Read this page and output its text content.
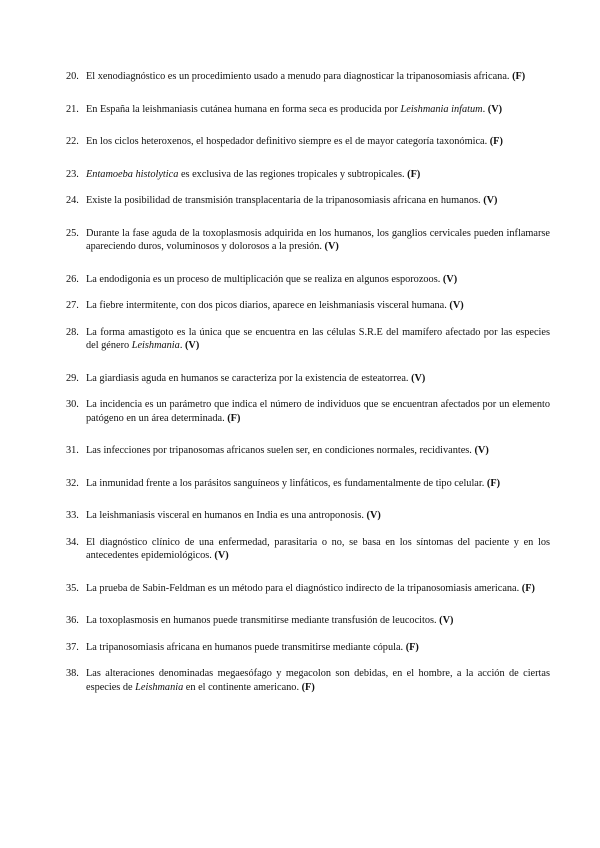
20. El xenodiagnóstico es un procedimiento usado a menudo para diagnosticar la tripanosomiasis africana. (F)
21. En España la leishmaniasis cutánea humana en forma seca es producida por Leishmania infatum. (V)
22. En los ciclos heteroxenos, el hospedador definitivo siempre es el de mayor categoría taxonómica. (F)
23. Entamoeba histolytica es exclusiva de las regiones tropicales y subtropicales. (F)
24. Existe la posibilidad de transmisión transplacentaria de la tripanosomiasis africana en humanos. (V)
25. Durante la fase aguda de la toxoplasmosis adquirida en los humanos, los ganglios cervicales pueden inflamarse apareciendo duros, voluminosos y dolorosos a la presión. (V)
26. La endodigonia es un proceso de multiplicación que se realiza en algunos esporozoos. (V)
27. La fiebre intermitente, con dos picos diarios, aparece en leishmaniasis visceral humana. (V)
28. La forma amastigoto es la única que se encuentra en las células S.R.E del mamífero afectado por las especies del género Leishmania. (V)
29. La giardiasis aguda en humanos se caracteriza por la existencia de esteatorrea. (V)
30. La incidencia es un parámetro que indica el número de individuos que se encuentran afectados por un elemento patógeno en un área determinada. (F)
31. Las infecciones por tripanosomas africanos suelen ser, en condiciones normales, recidivantes. (V)
32. La inmunidad frente a los parásitos sanguíneos y linfáticos, es fundamentalmente de tipo celular. (F)
33. La leishmaniasis visceral en humanos en India es una antroponosis. (V)
34. El diagnóstico clínico de una enfermedad, parasitaria o no, se basa en los síntomas del paciente y en los antecedentes epidemiológicos. (V)
35. La prueba de Sabin-Feldman es un método para el diagnóstico indirecto de la tripanosomiasis americana. (F)
36. La toxoplasmosis en humanos puede transmitirse mediante transfusión de leucocitos. (V)
37. La tripanosomiasis africana en humanos puede transmitirse mediante cópula. (F)
38. Las alteraciones denominadas megaesófago y megacolon son debidas, en el hombre, a la acción de ciertas especies de Leishmania en el continente americano. (F)
